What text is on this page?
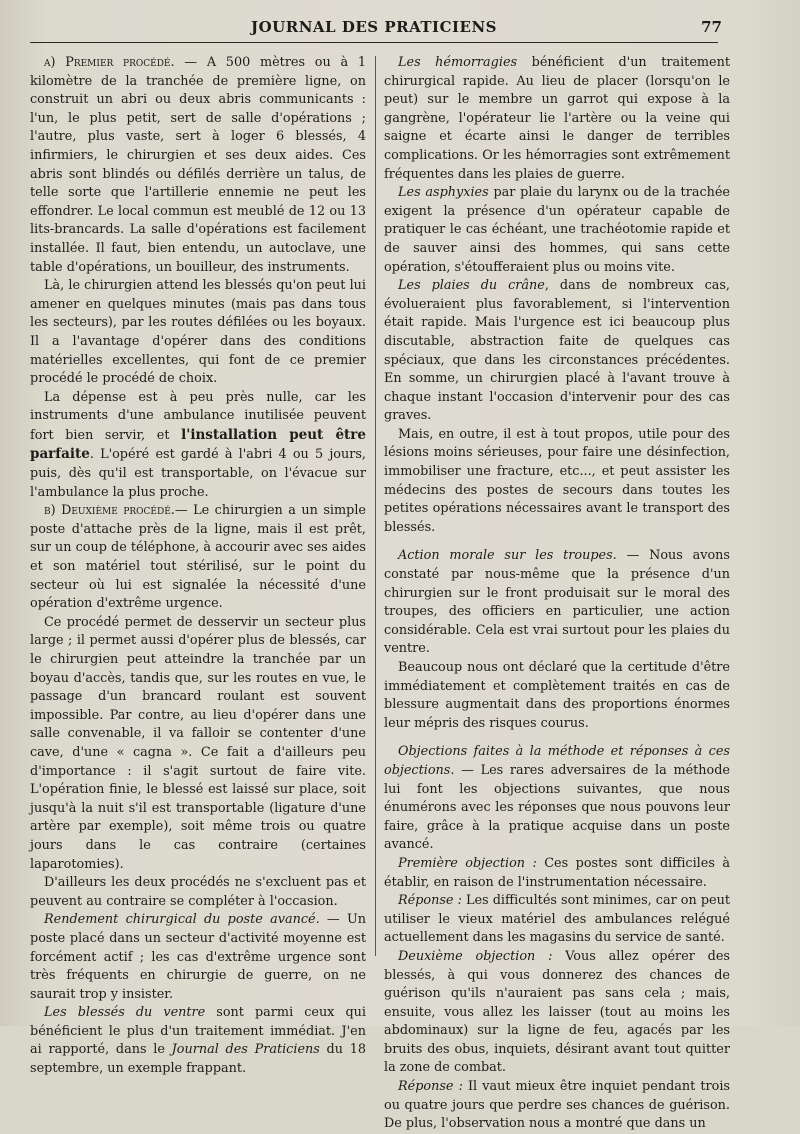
JOURNAL DES PRATICIENS	77

a) Premier procédé. — A 500 mètres ou à 1 kilomètre de la tranchée de première ligne, on construit un abri ou deux abris communicants : l'un, le plus petit, sert de salle d'opérations ; l'autre, plus vaste, sert à loger 6 blessés, 4 infirmiers, le chirurgien et ses deux aides. Ces abris sont blindés ou défilés derrière un talus, de telle sorte que l'artillerie ennemie ne peut les effondrer. Le local commun est meublé de 12 ou 13 lits-brancards. La salle d'opérations est facilement installée. Il faut, bien entendu, un autoclave, une table d'opérations, un bouilleur, des instruments.

Là, le chirurgien attend les blessés qu'on peut lui amener en quelques minutes (mais pas dans tous les secteurs), par les routes défilées ou les boyaux. Il a l'avantage d'opérer dans des conditions matérielles excellentes, qui font de ce premier procédé le procédé de choix.

La dépense est à peu près nulle, car les instruments d'une ambulance inutilisée peuvent fort bien servir, et l'installation peut être parfaite. L'opéré est gardé à l'abri 4 ou 5 jours, puis, dès qu'il est transportable, on l'évacue sur l'ambulance la plus proche.

b) Deuxième procédé.— Le chirurgien a un simple poste d'attache près de la ligne, mais il est prêt, sur un coup de téléphone, à accourir avec ses aides et son matériel tout stérilisé, sur le point du secteur où lui est signalée la nécessité d'une opération d'extrême urgence.

Ce procédé permet de desservir un secteur plus large ; il permet aussi d'opérer plus de blessés, car le chirurgien peut atteindre la tranchée par un boyau d'accès, tandis que, sur les routes en vue, le passage d'un brancard roulant est souvent impossible. Par contre, au lieu d'opérer dans une salle convenable, il va falloir se contenter d'une cave, d'une « cagna ». Ce fait a d'ailleurs peu d'importance : il s'agit surtout de faire vite. L'opération finie, le blessé est laissé sur place, soit jusqu'à la nuit s'il est transportable (ligature d'une artère par exemple), soit même trois ou quatre jours dans le cas contraire (certaines laparotomies).

D'ailleurs les deux procédés ne s'excluent pas et peuvent au contraire se compléter à l'occasion.

Rendement chirurgical du poste avancé. — Un poste placé dans un secteur d'activité moyenne est forcément actif ; les cas d'extrême urgence sont très fréquents en chirurgie de guerre, on ne saurait trop y insister.

Les blessés du ventre sont parmi ceux qui bénéficient le plus d'un traitement immédiat. J'en ai rapporté, dans le Journal des Praticiens du 18 septembre, un exemple frappant.

Les hémorragies bénéficient d'un traitement chirurgical rapide. Au lieu de placer (lorsqu'on le peut) sur le membre un garrot qui expose à la gangrène, l'opérateur lie l'artère ou la veine qui saigne et écarte ainsi le danger de terribles complications. Or les hémorragies sont extrêmement fréquentes dans les plaies de guerre.

Les asphyxies par plaie du larynx ou de la trachée exigent la présence d'un opérateur capable de pratiquer le cas échéant, une trachéotomie rapide et de sauver ainsi des hommes, qui sans cette opération, s'étoufferaient plus ou moins vite.

Les plaies du crâne, dans de nombreux cas, évolueraient plus favorablement, si l'intervention était rapide. Mais l'urgence est ici beaucoup plus discutable, abstraction faite de quelques cas spéciaux, que dans les circonstances précédentes. En somme, un chirurgien placé à l'avant trouve à chaque instant l'occasion d'intervenir pour des cas graves.

Mais, en outre, il est à tout propos, utile pour des lésions moins sérieuses, pour faire une désinfection, immobiliser une fracture, etc..., et peut assister les médecins des postes de secours dans toutes les petites opérations nécessaires avant le transport des blessés.

Action morale sur les troupes. — Nous avons constaté par nous-même que la présence d'un chirurgien sur le front produisait sur le moral des troupes, des officiers en particulier, une action considérable. Cela est vrai surtout pour les plaies du ventre.

Beaucoup nous ont déclaré que la certitude d'être immédiatement et complètement traités en cas de blessure augmentait dans des proportions énormes leur mépris des risques courus.

Objections faites à la méthode et réponses à ces objections. — Les rares adversaires de la méthode lui font les objections suivantes, que nous énumérons avec les réponses que nous pouvons leur faire, grâce à la pratique acquise dans un poste avancé.

Première objection : Ces postes sont difficiles à établir, en raison de l'instrumentation nécessaire.

Réponse : Les difficultés sont minimes, car on peut utiliser le vieux matériel des ambulances relégué actuellement dans les magasins du service de santé.

Deuxième objection : Vous allez opérer des blessés, à qui vous donnerez des chances de guérison qu'ils n'auraient pas sans cela ; mais, ensuite, vous allez les laisser (tout au moins les abdominaux) sur la ligne de feu, agacés par les bruits des obus, inquiets, désirant avant tout quitter la zone de combat.

Réponse : Il vaut mieux être inquiet pendant trois ou quatre jours que perdre ses chances de guérison. De plus, l'observation nous a montré que dans un
